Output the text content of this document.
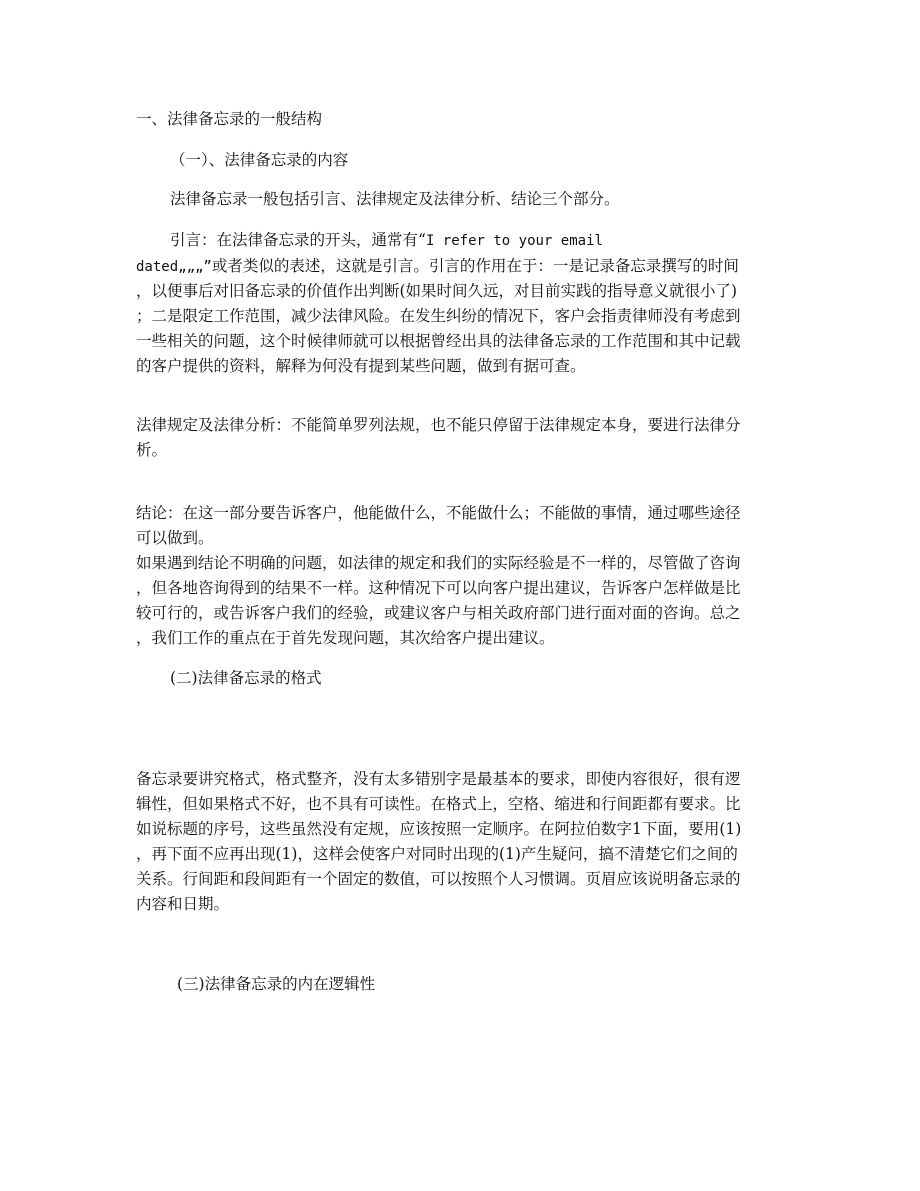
一、法律备忘录的一般结构
（一）、法律备忘录的内容
法律备忘录一般包括引言、法律规定及法律分析、结论三个部分。
引言：在法律备忘录的开头，通常有“I refer to your email
dated„„„”或者类似的表述，这就是引言。引言的作用在于：一是记录备忘录撰写的时间
，以便事后对旧备忘录的价值作出判断(如果时间久远，对目前实践的指导意义就很小了)
；二是限定工作范围，减少法律风险。在发生纠纷的情况下，客户会指责律师没有考虑到
一些相关的问题，这个时候律师就可以根据曾经出具的法律备忘录的工作范围和其中记载
的客户提供的资料，解释为何没有提到某些问题，做到有据可查。
法律规定及法律分析：不能简单罗列法规，也不能只停留于法律规定本身，要进行法律分
析。
结论：在这一部分要告诉客户，他能做什么，不能做什么；不能做的事情，通过哪些途径
可以做到。
如果遇到结论不明确的问题，如法律的规定和我们的实际经验是不一样的，尽管做了咨询
，但各地咨询得到的结果不一样。这种情况下可以向客户提出建议，告诉客户怎样做是比
较可行的，或告诉客户我们的经验，或建议客户与相关政府部门进行面对面的咨询。总之
，我们工作的重点在于首先发现问题，其次给客户提出建议。
(二)法律备忘录的格式
备忘录要讲究格式，格式整齐，没有太多错别字是最基本的要求，即使内容很好，很有逻
辑性，但如果格式不好，也不具有可读性。在格式上，空格、缩进和行间距都有要求。比
如说标题的序号，这些虽然没有定规，应该按照一定顺序。在阿拉伯数字1下面，要用(1)
，再下面不应再出现(1)，这样会使客户对同时出现的(1)产生疑问，搞不清楚它们之间的
关系。行间距和段间距有一个固定的数值，可以按照个人习惯调。页眉应该说明备忘录的
内容和日期。
(三)法律备忘录的内在逻辑性
